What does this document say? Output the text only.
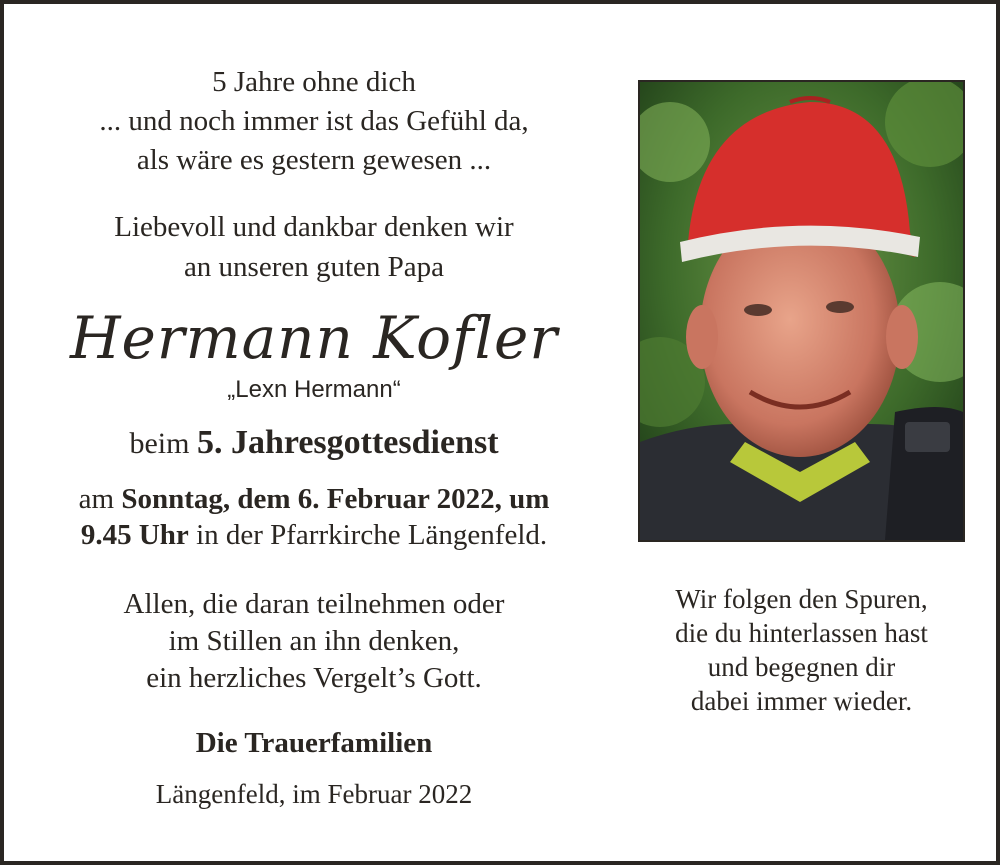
5 Jahre ohne dich
... und noch immer ist das Gefühl da,
als wäre es gestern gewesen ...
Liebevoll und dankbar denken wir
an unseren guten Papa
Hermann Kofler
„Lexn Hermann“
beim 5. Jahresgottesdienst
am Sonntag, dem 6. Februar 2022, um
9.45 Uhr in der Pfarrkirche Längenfeld.
Allen, die daran teilnehmen oder
im Stillen an ihn denken,
ein herzliches Vergelt’s Gott.
Die Trauerfamilien
Längenfeld, im Februar 2022
Wir folgen den Spuren,
die du hinterlassen hast
und begegnen dir
dabei immer wieder.
